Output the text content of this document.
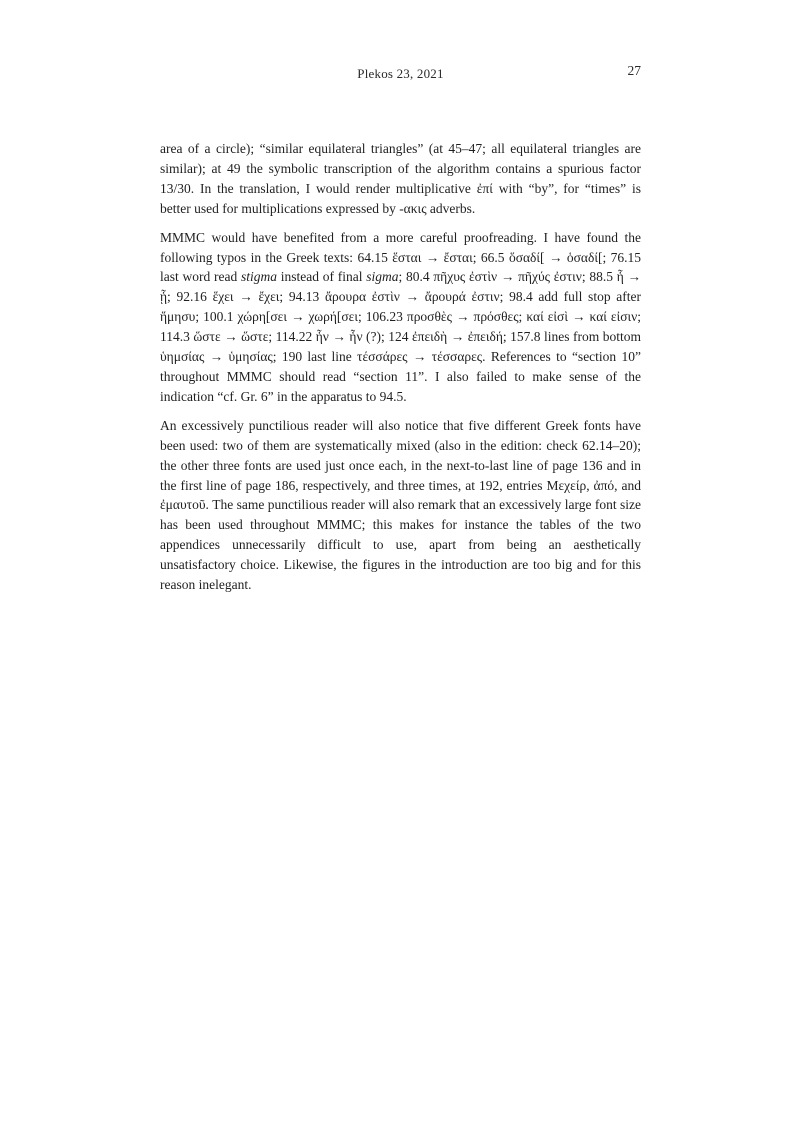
Plekos 23, 2021	27

area of a circle); “similar equilateral triangles” (at 45–47; all equilateral triangles are similar); at 49 the symbolic transcription of the algorithm contains a spurious factor 13/30. In the translation, I would render multiplicative ἐπί with “by”, for “times” is better used for multiplications expressed by -ακις adverbs.

MMMC would have benefited from a more careful proofreading. I have found the following typos in the Greek texts: 64.15 ἕσται → ἔσται; 66.5 ὅσαδί[ → ὁσαδί[; 76.15 last word read stigma instead of final sigma; 80.4 πῆχυς ἐστὶν → πῆχύς ἐστιν; 88.5 ἧ → ᾗ; 92.16 ἕχει → ἔχει; 94.13 ἄρουρα ἐστὶν → ἄρουρά ἐστιν; 98.4 add full stop after ἥμησυ; 100.1 χώρη[σει → χωρή[σει; 106.23 προσθὲς → πρόσθες; καί εἰσὶ → καί εἰσιν; 114.3 ὥστε → ὥστε; 114.22 ἦν → ἦν (?); 124 ἐπειδὴ → ἐπειδή; 157.8 lines from bottom ὑημσίας → ὑμησίας; 190 last line τέσσάρες → τέσσαρες. References to “section 10” throughout MMMC should read “section 11”. I also failed to make sense of the indication “cf. Gr. 6” in the apparatus to 94.5.

An excessively punctilious reader will also notice that five different Greek fonts have been used: two of them are systematically mixed (also in the edition: check 62.14–20); the other three fonts are used just once each, in the next-to-last line of page 136 and in the first line of page 186, respectively, and three times, at 192, entries Μεχείρ, ἀπό, and ἐμαυτοῦ. The same punctilious reader will also remark that an excessively large font size has been used throughout MMMC; this makes for instance the tables of the two appendices unnecessarily difficult to use, apart from being an aesthetically unsatisfactory choice. Likewise, the figures in the introduction are too big and for this reason inelegant.
